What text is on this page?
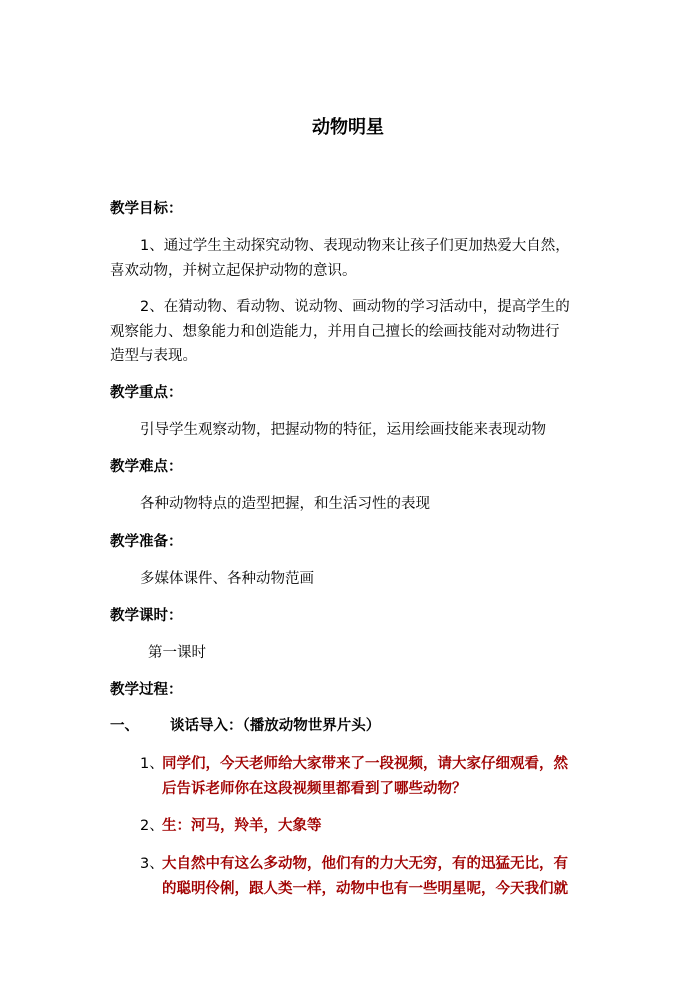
动物明星
教学目标：
1、通过学生主动探究动物、表现动物来让孩子们更加热爱大自然，
喜欢动物，并树立起保护动物的意识。
2、在猜动物、看动物、说动物、画动物的学习活动中，提高学生的
观察能力、想象能力和创造能力，并用自己擅长的绘画技能对动物进行
造型与表现。
教学重点：
引导学生观察动物，把握动物的特征，运用绘画技能来表现动物
教学难点：
各种动物特点的造型把握，和生活习性的表现
教学准备：
多媒体课件、各种动物范画
教学课时：
第一课时
教学过程：
一、 谈话导入：（播放动物世界片头）
1、
同学们，今天老师给大家带来了一段视频，请大家仔细观看，然
后告诉老师你在这段视频里都看到了哪些动物？
2、
生：河马，羚羊，大象等
3、
大自然中有这么多动物，他们有的力大无穷，有的迅猛无比，有
的聪明伶俐，跟人类一样，动物中也有一些明星呢，今天我们就
